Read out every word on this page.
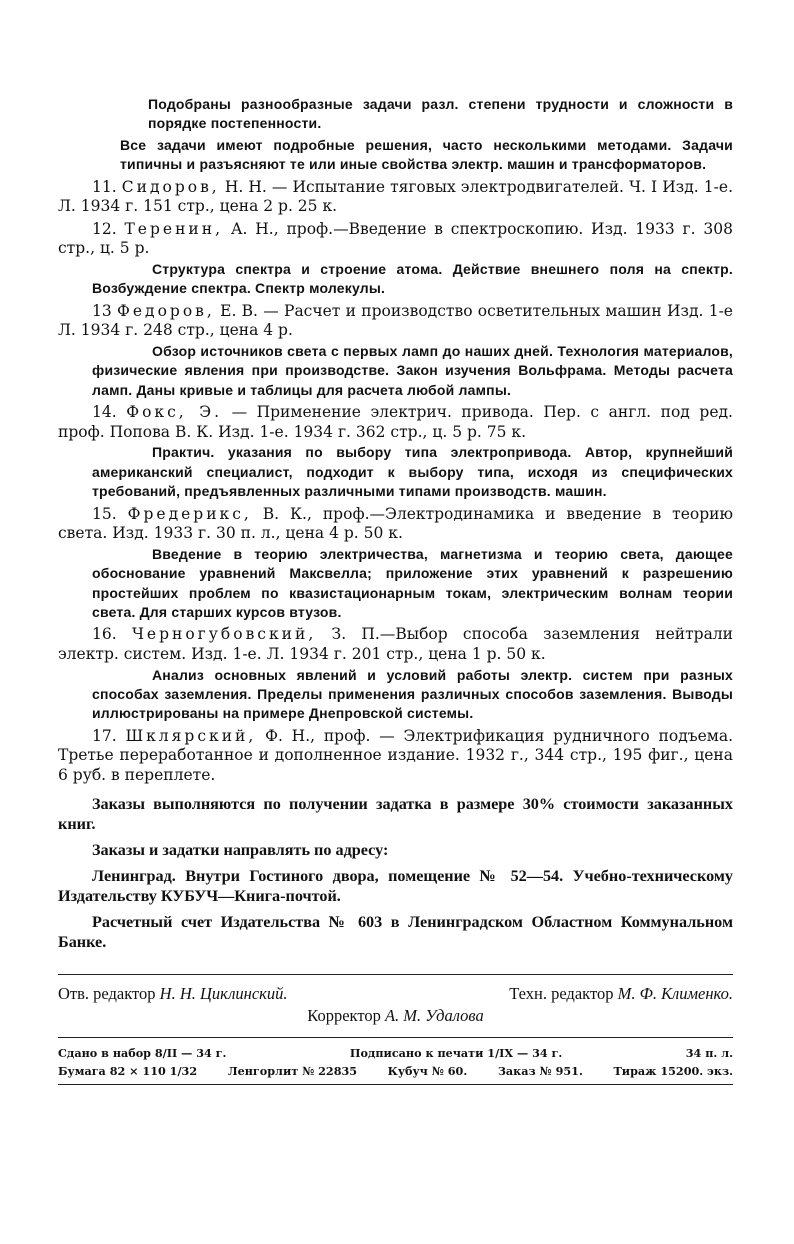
Подобраны разнообразные задачи разл. степени трудности и сложности в порядке постепенности.

Все задачи имеют подробные решения, часто несколькими методами. Задачи типичны и разъясняют те или иные свойства электр. машин и трансформаторов.

11. Сидоров, Н. Н. — Испытание тяговых электродвигателей. Ч. I Изд. 1-е. Л. 1934 г. 151 стр., цена 2 р. 25 к.
12. Теренин, А. Н., проф.—Введение в спектроскопию. Изд. 1933 г. 308 стр., ц. 5 р.

Структура спектра и строение атома. Действие внешнего поля на спектр. Возбуждение спектра. Спектр молекулы.

13 Федоров, Е. В. — Расчет и производство осветительных машин Изд. 1-е Л. 1934 г. 248 стр., цена 4 р.

Обзор источников света с первых ламп до наших дней. Технология материалов, физические явления при производстве. Закон изучения Вольфрама. Методы расчета ламп. Даны кривые и таблицы для расчета любой лампы.

14. Фокс, Э. — Применение электрич. привода. Пер. с англ. под ред. проф. Попова В. К. Изд. 1-е. 1934 г. 362 стр., ц. 5 р. 75 к.

Практич. указания по выбору типа электропривода. Автор, крупнейший американский специалист, подходит к выбору типа, исходя из специфических требований, предъявленных различными типами производств. машин.

15. Фредерикс, В. К., проф.—Электродинамика и введение в теорию света. Изд. 1933 г. 30 п. л., цена 4 р. 50 к.

Введение в теорию электричества, магнетизма и теорию света, дающее обоснование уравнений Максвелла; приложение этих уравнений к разрешению простейших проблем по квазистационарным токам, электрическим волнам теории света. Для старших курсов втузов.

16. Черногубовский, З. П.—Выбор способа заземления нейтрали электр. систем. Изд. 1-е. Л. 1934 г. 201 стр., цена 1 р. 50 к.

Анализ основных явлений и условий работы электр. систем при разных способах заземления. Пределы применения различных способов заземления. Выводы иллюстрированы на примере Днепровской системы.

17. Шклярский, Ф. Н., проф. — Электрификация рудничного подъема. Третье переработанное и дополненное издание. 1932 г., 344 стр., 195 фиг., цена 6 руб. в переплете.

Заказы выполняются по получении задатка в размере 30% стоимости заказанных книг.

Заказы и задатки направлять по адресу:

Ленинград. Внутри Гостиного двора, помещение № 52—54. Учебно-техническому Издательству КУБУЧ—Книга-почтой.

Расчетный счет Издательства № 603 в Ленинградском Областном Коммунальном Банке.

Отв. редактор Н. Н. Циклинский.	Техн. редактор М. Ф. Клименко.
Корректор А. М. Удалова
Сдано в набор 8/II — 34 г.	Подписано к печати 1/IX — 34 г.	34 п. л.
Бумага 82 × 110 1/32	Ленгорлит № 22835	Кубуч № 60.	Заказ № 951.	Тираж 15200. экз.
